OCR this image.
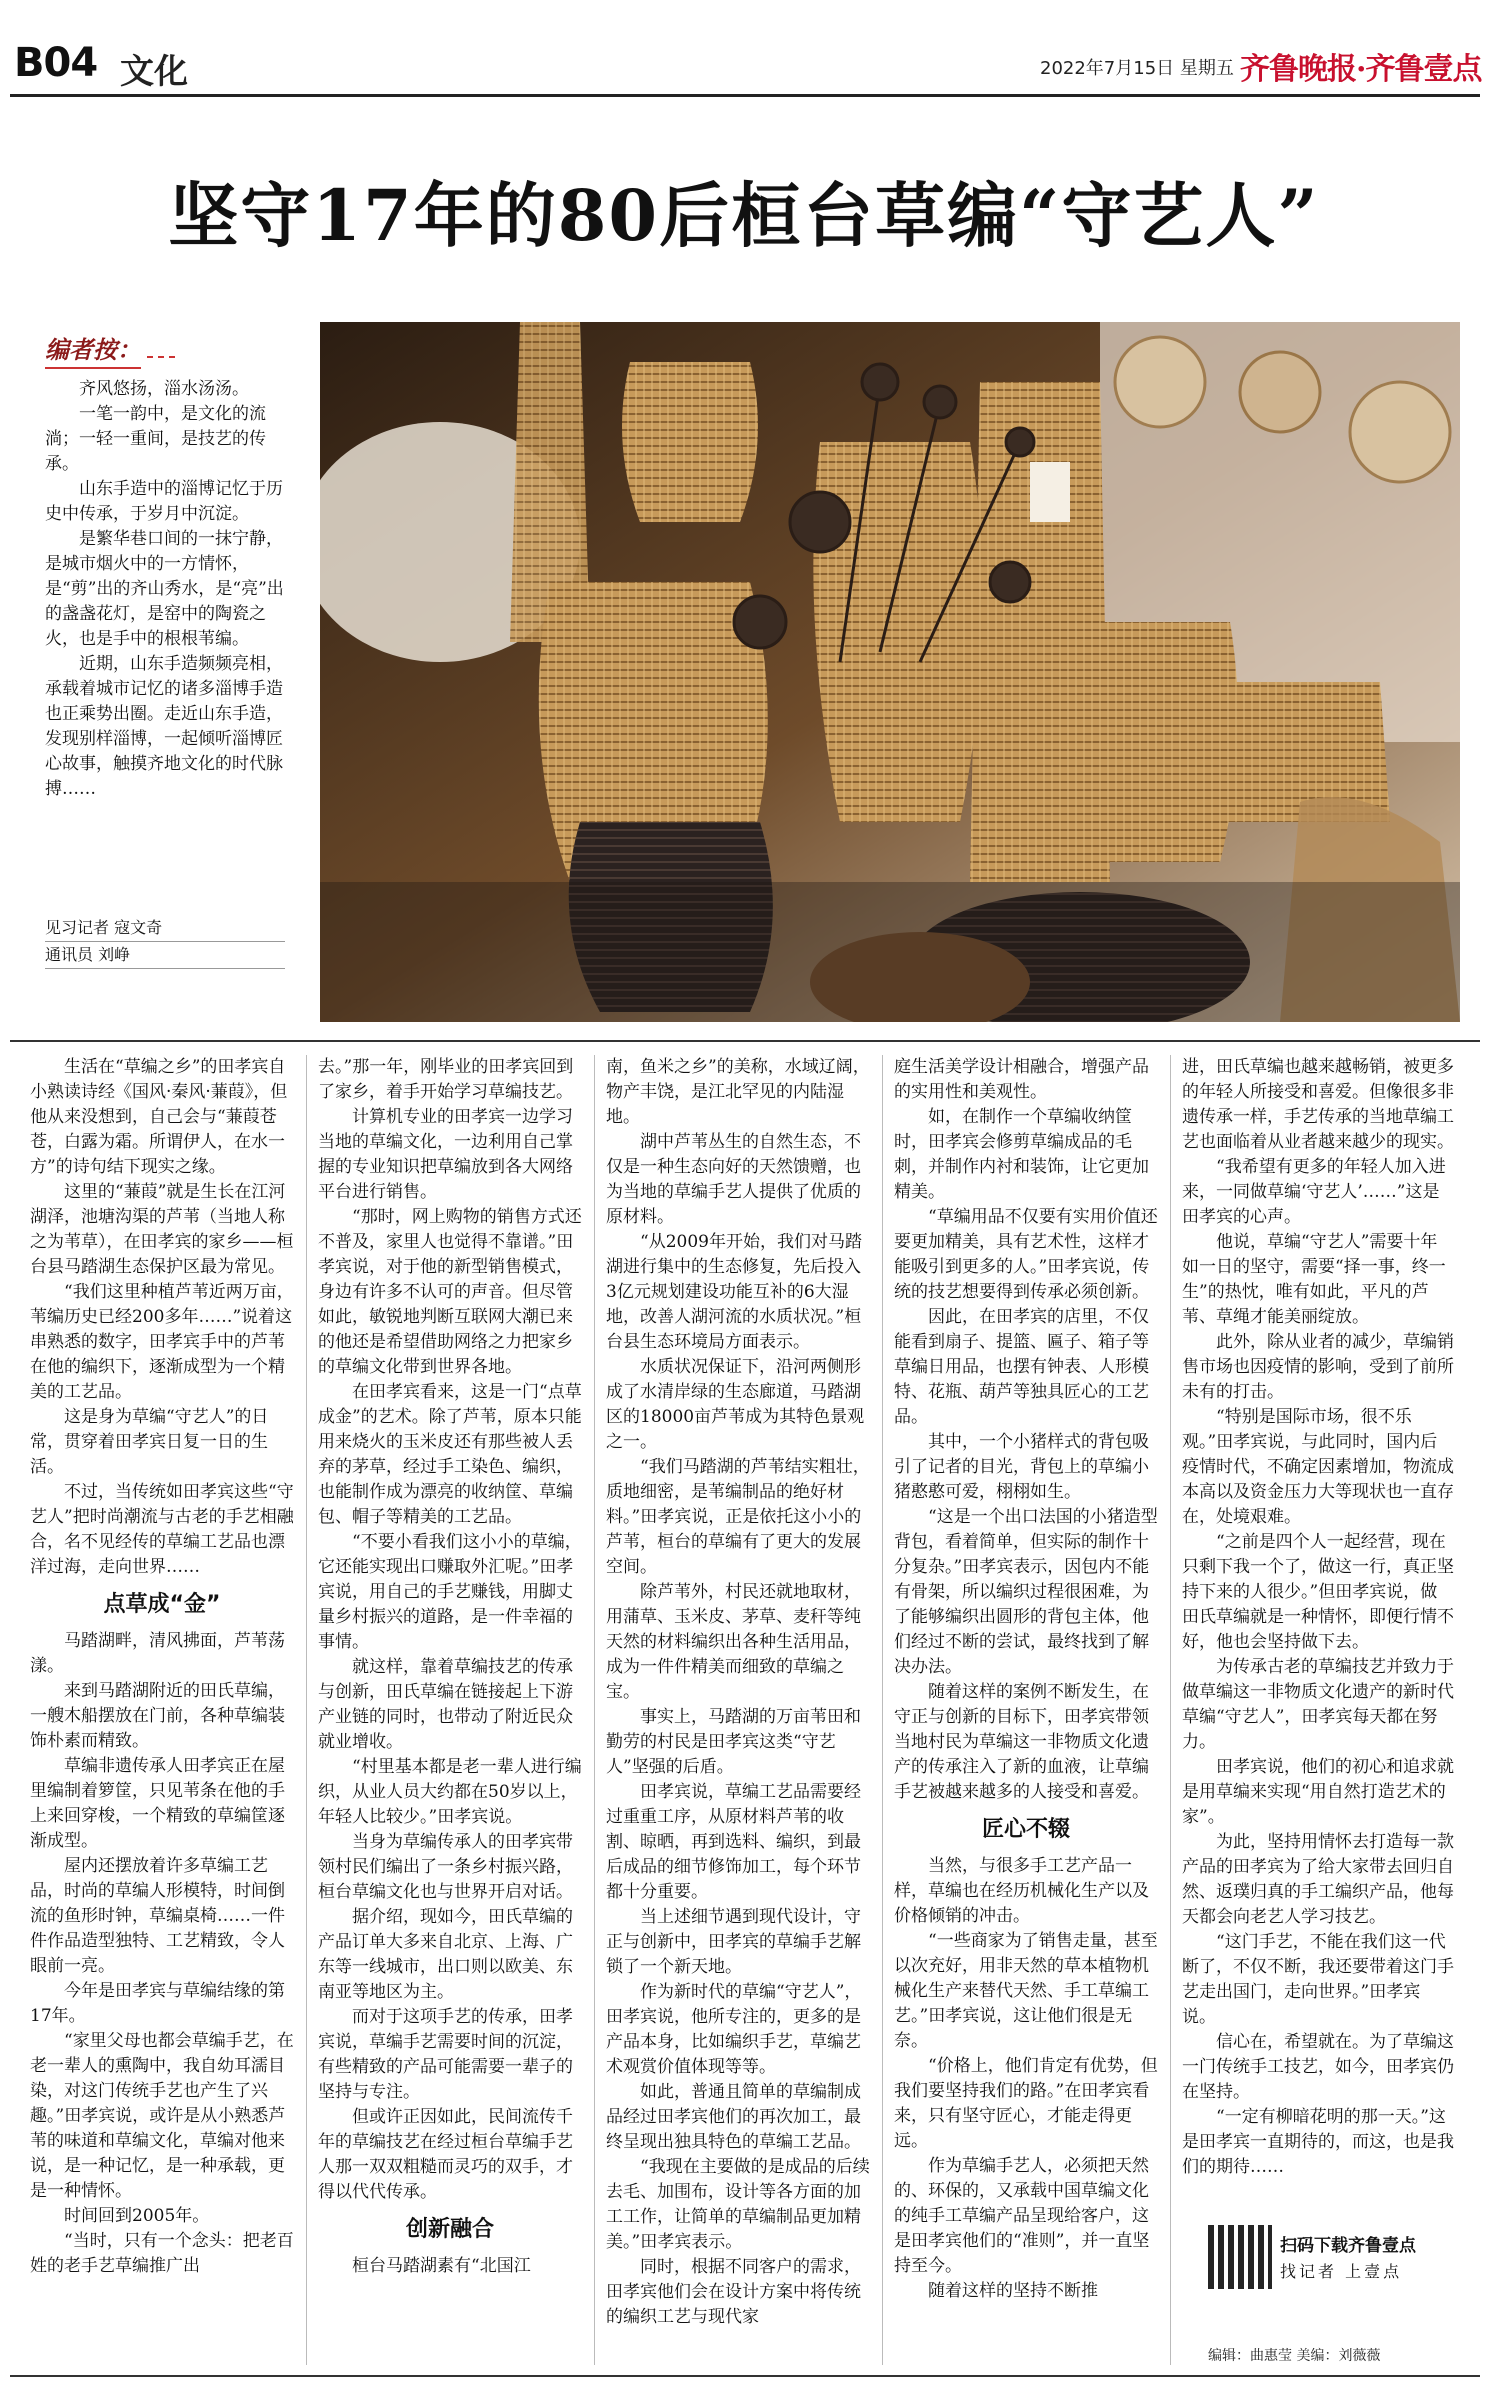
B04 文化	2022年7月15日 星期五 齐鲁晚报·齐鲁壹点
坚守17年的80后桓台草编“守艺人”
编者按：

齐风悠扬，淄水汤汤。

一笔一韵中，是文化的流淌；一轻一重间，是技艺的传承。

山东手造中的淄博记忆于历史中传承，于岁月中沉淀。

是繁华巷口间的一抹宁静，是城市烟火中的一方情怀，是“剪”出的齐山秀水，是“亮”出的盏盏花灯，是窑中的陶瓷之火，也是手中的根根苇编。

近期，山东手造频频亮相，承载着城市记忆的诸多淄博手造也正乘势出圈。走近山东手造，发现别样淄博，一起倾听淄博匠心故事，触摸齐地文化的时代脉搏……

见习记者 寇文奇
通讯员 刘峥

生活在“草编之乡”的田孝宾自小熟读诗经《国风·秦风·蒹葭》，但他从来没想到，自己会与“蒹葭苍苍，白露为霜。所谓伊人，在水一方”的诗句结下现实之缘。

这里的“蒹葭”就是生长在江河湖泽，池塘沟渠的芦苇（当地人称之为苇草），在田孝宾的家乡——桓台县马踏湖生态保护区最为常见。

“我们这里种植芦苇近两万亩，苇编历史已经200多年……”说着这串熟悉的数字，田孝宾手中的芦苇在他的编织下，逐渐成型为一个精美的工艺品。

这是身为草编“守艺人”的日常，贯穿着田孝宾日复一日的生活。

不过，当传统如田孝宾这些“守艺人”把时尚潮流与古老的手艺相融合，名不见经传的草编工艺品也漂洋过海，走向世界……

点草成“金”

马踏湖畔，清风拂面，芦苇荡漾。

来到马踏湖附近的田氏草编，一艘木船摆放在门前，各种草编装饰朴素而精致。

草编非遗传承人田孝宾正在屋里编制着箩筐，只见苇条在他的手上来回穿梭，一个精致的草编筐逐渐成型。

屋内还摆放着许多草编工艺品，时尚的草编人形模特，时间倒流的鱼形时钟，草编桌椅……一件件作品造型独特、工艺精致，令人眼前一亮。

今年是田孝宾与草编结缘的第17年。

“家里父母也都会草编手艺，在老一辈人的熏陶中，我自幼耳濡目染，对这门传统手艺也产生了兴趣。”田孝宾说，或许是从小熟悉芦苇的味道和草编文化，草编对他来说，是一种记忆，是一种承载，更是一种情怀。

时间回到2005年。

“当时，只有一个念头：把老百姓的老手艺草编推广出

去。”那一年，刚毕业的田孝宾回到了家乡，着手开始学习草编技艺。

计算机专业的田孝宾一边学习当地的草编文化，一边利用自己掌握的专业知识把草编放到各大网络平台进行销售。

“那时，网上购物的销售方式还不普及，家里人也觉得不靠谱。”田孝宾说，对于他的新型销售模式，身边有许多不认可的声音。但尽管如此，敏锐地判断互联网大潮已来的他还是希望借助网络之力把家乡的草编文化带到世界各地。

在田孝宾看来，这是一门“点草成金”的艺术。除了芦苇，原本只能用来烧火的玉米皮还有那些被人丢弃的茅草，经过手工染色、编织，也能制作成为漂亮的收纳筐、草编包、帽子等精美的工艺品。

“不要小看我们这小小的草编，它还能实现出口赚取外汇呢。”田孝宾说，用自己的手艺赚钱，用脚丈量乡村振兴的道路，是一件幸福的事情。

就这样，靠着草编技艺的传承与创新，田氏草编在链接起上下游产业链的同时，也带动了附近民众就业增收。

“村里基本都是老一辈人进行编织，从业人员大约都在50岁以上，年轻人比较少。”田孝宾说。

当身为草编传承人的田孝宾带领村民们编出了一条乡村振兴路，桓台草编文化也与世界开启对话。

据介绍，现如今，田氏草编的产品订单大多来自北京、上海、广东等一线城市，出口则以欧美、东南亚等地区为主。

而对于这项手艺的传承，田孝宾说，草编手艺需要时间的沉淀，有些精致的产品可能需要一辈子的坚持与专注。

但或许正因如此，民间流传千年的草编技艺在经过桓台草编手艺人那一双双粗糙而灵巧的双手，才得以代代传承。

创新融合

桓台马踏湖素有“北国江

南，鱼米之乡”的美称，水域辽阔，物产丰饶，是江北罕见的内陆湿地。

湖中芦苇丛生的自然生态，不仅是一种生态向好的天然馈赠，也为当地的草编手艺人提供了优质的原材料。

“从2009年开始，我们对马踏湖进行集中的生态修复，先后投入3亿元规划建设功能互补的6大湿地，改善人湖河流的水质状况。”桓台县生态环境局方面表示。

水质状况保证下，沿河两侧形成了水清岸绿的生态廊道，马踏湖区的18000亩芦苇成为其特色景观之一。

“我们马踏湖的芦苇结实粗壮，质地细密，是苇编制品的绝好材料。”田孝宾说，正是依托这小小的芦苇，桓台的草编有了更大的发展空间。

除芦苇外，村民还就地取材，用蒲草、玉米皮、茅草、麦秆等纯天然的材料编织出各种生活用品，成为一件件精美而细致的草编之宝。

事实上，马踏湖的万亩苇田和勤劳的村民是田孝宾这类“守艺人”坚强的后盾。

田孝宾说，草编工艺品需要经过重重工序，从原材料芦苇的收割、晾晒，再到选料、编织，到最后成品的细节修饰加工，每个环节都十分重要。

当上述细节遇到现代设计，守正与创新中，田孝宾的草编手艺解锁了一个新天地。

作为新时代的草编“守艺人”，田孝宾说，他所专注的，更多的是产品本身，比如编织手艺，草编艺术观赏价值体现等等。

如此，普通且简单的草编制成品经过田孝宾他们的再次加工，最终呈现出独具特色的草编工艺品。

“我现在主要做的是成品的后续去毛、加围布，设计等各方面的加工工作，让简单的草编制品更加精美。”田孝宾表示。

同时，根据不同客户的需求，田孝宾他们会在设计方案中将传统的编织工艺与现代家

庭生活美学设计相融合，增强产品的实用性和美观性。

如，在制作一个草编收纳筐时，田孝宾会修剪草编成品的毛刺，并制作内衬和装饰，让它更加精美。

“草编用品不仅要有实用价值还要更加精美，具有艺术性，这样才能吸引到更多的人。”田孝宾说，传统的技艺想要得到传承必须创新。

因此，在田孝宾的店里，不仅能看到扇子、提篮、匾子、箱子等草编日用品，也摆有钟表、人形模特、花瓶、葫芦等独具匠心的工艺品。

其中，一个小猪样式的背包吸引了记者的目光，背包上的草编小猪憨憨可爱，栩栩如生。

“这是一个出口法国的小猪造型背包，看着简单，但实际的制作十分复杂。”田孝宾表示，因包内不能有骨架，所以编织过程很困难，为了能够编织出圆形的背包主体，他们经过不断的尝试，最终找到了解决办法。

随着这样的案例不断发生，在守正与创新的目标下，田孝宾带领当地村民为草编这一非物质文化遗产的传承注入了新的血液，让草编手艺被越来越多的人接受和喜爱。

匠心不辍

当然，与很多手工艺产品一样，草编也在经历机械化生产以及价格倾销的冲击。

“一些商家为了销售走量，甚至以次充好，用非天然的草本植物机械化生产来替代天然、手工草编工艺。”田孝宾说，这让他们很是无奈。

“价格上，他们肯定有优势，但我们要坚持我们的路。”在田孝宾看来，只有坚守匠心，才能走得更远。

作为草编手艺人，必须把天然的、环保的，又承载中国草编文化的纯手工草编产品呈现给客户，这是田孝宾他们的“准则”，并一直坚持至今。

随着这样的坚持不断推

进，田氏草编也越来越畅销，被更多的年轻人所接受和喜爱。但像很多非遗传承一样，手艺传承的当地草编工艺也面临着从业者越来越少的现实。

“我希望有更多的年轻人加入进来，一同做草编‘守艺人’……”这是田孝宾的心声。

他说，草编“守艺人”需要十年如一日的坚守，需要“择一事，终一生”的热忱，唯有如此，平凡的芦苇、草绳才能美丽绽放。

此外，除从业者的减少，草编销售市场也因疫情的影响，受到了前所未有的打击。

“特别是国际市场，很不乐观。”田孝宾说，与此同时，国内后疫情时代，不确定因素增加，物流成本高以及资金压力大等现状也一直存在，处境艰难。

“之前是四个人一起经营，现在只剩下我一个了，做这一行，真正坚持下来的人很少。”但田孝宾说，做田氏草编就是一种情怀，即便行情不好，他也会坚持做下去。

为传承古老的草编技艺并致力于做草编这一非物质文化遗产的新时代草编“守艺人”，田孝宾每天都在努力。

田孝宾说，他们的初心和追求就是用草编来实现“用自然打造艺术的家”。

为此，坚持用情怀去打造每一款产品的田孝宾为了给大家带去回归自然、返璞归真的手工编织产品，他每天都会向老艺人学习技艺。

“这门手艺，不能在我们这一代断了，不仅不断，我还要带着这门手艺走出国门，走向世界。”田孝宾说。

信心在，希望就在。为了草编这一门传统手工技艺，如今，田孝宾仍在坚持。

“一定有柳暗花明的那一天。”这是田孝宾一直期待的，而这，也是我们的期待……

扫码下载齐鲁壹点
找记者 上壹点
编辑：曲惠莹 美编：刘薇薇
